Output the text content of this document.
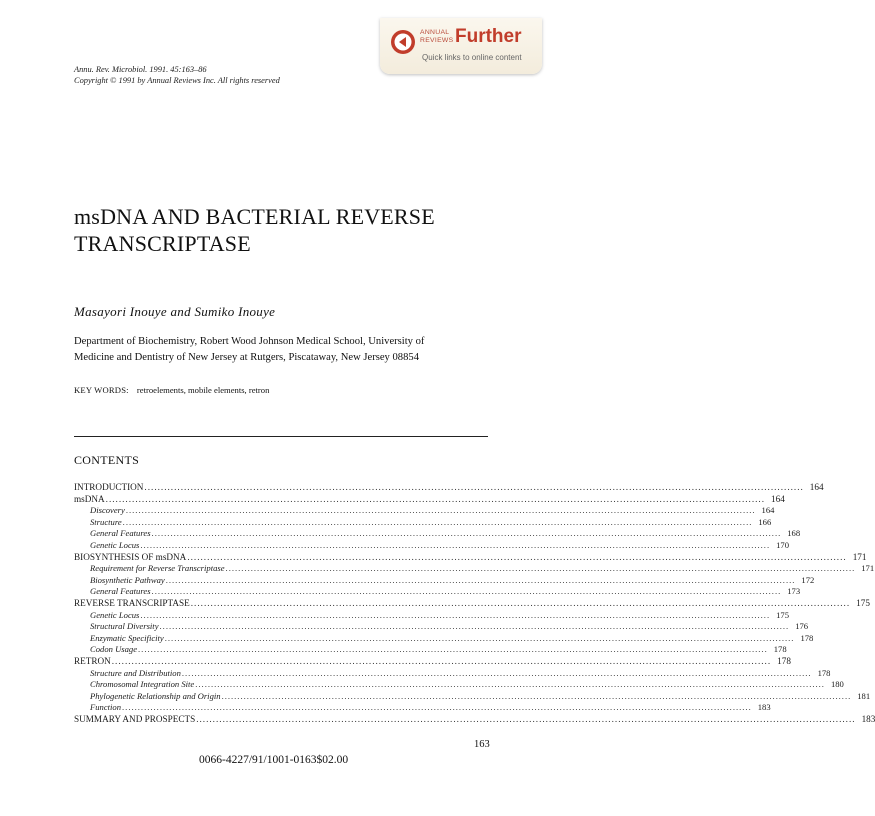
Annu. Rev. Microbiol. 1991. 45:163–86
Copyright © 1991 by Annual Reviews Inc. All rights reserved
ANNUAL
REVIEWS Further
Quick links to online content
msDNA AND BACTERIAL REVERSE
TRANSCRIPTASE
Masayori Inouye and Sumiko Inouye
Department of Biochemistry, Robert Wood Johnson Medical School, University of
Medicine and Dentistry of New Jersey at Rutgers, Piscataway, New Jersey 08854
KEY WORDS: retroelements, mobile elements, retron
CONTENTS
INTRODUCTION ........................................................................................................................................................................................................ 164
msDNA ........................................................................................................................................................................................................ 164
Discovery ........................................................................................................................................................................................................ 164
Structure ........................................................................................................................................................................................................ 166
General Features ........................................................................................................................................................................................................ 168
Genetic Locus ........................................................................................................................................................................................................ 170
BIOSYNTHESIS OF msDNA ........................................................................................................................................................................................................ 171
Requirement for Reverse Transcriptase ........................................................................................................................................................................................................ 171
Biosynthetic Pathway ........................................................................................................................................................................................................ 172
General Features ........................................................................................................................................................................................................ 173
REVERSE TRANSCRIPTASE ........................................................................................................................................................................................................ 175
Genetic Locus ........................................................................................................................................................................................................ 175
Structural Diversity ........................................................................................................................................................................................................ 176
Enzymatic Specificity ........................................................................................................................................................................................................ 178
Codon Usage ........................................................................................................................................................................................................ 178
RETRON ........................................................................................................................................................................................................ 178
Structure and Distribution ........................................................................................................................................................................................................ 178
Chromosomal Integration Site ........................................................................................................................................................................................................ 180
Phylogenetic Relationship and Origin ........................................................................................................................................................................................................ 181
Function ........................................................................................................................................................................................................ 183
SUMMARY AND PROSPECTS ........................................................................................................................................................................................................ 183
163
0066-4227/91/1001-0163$02.00
